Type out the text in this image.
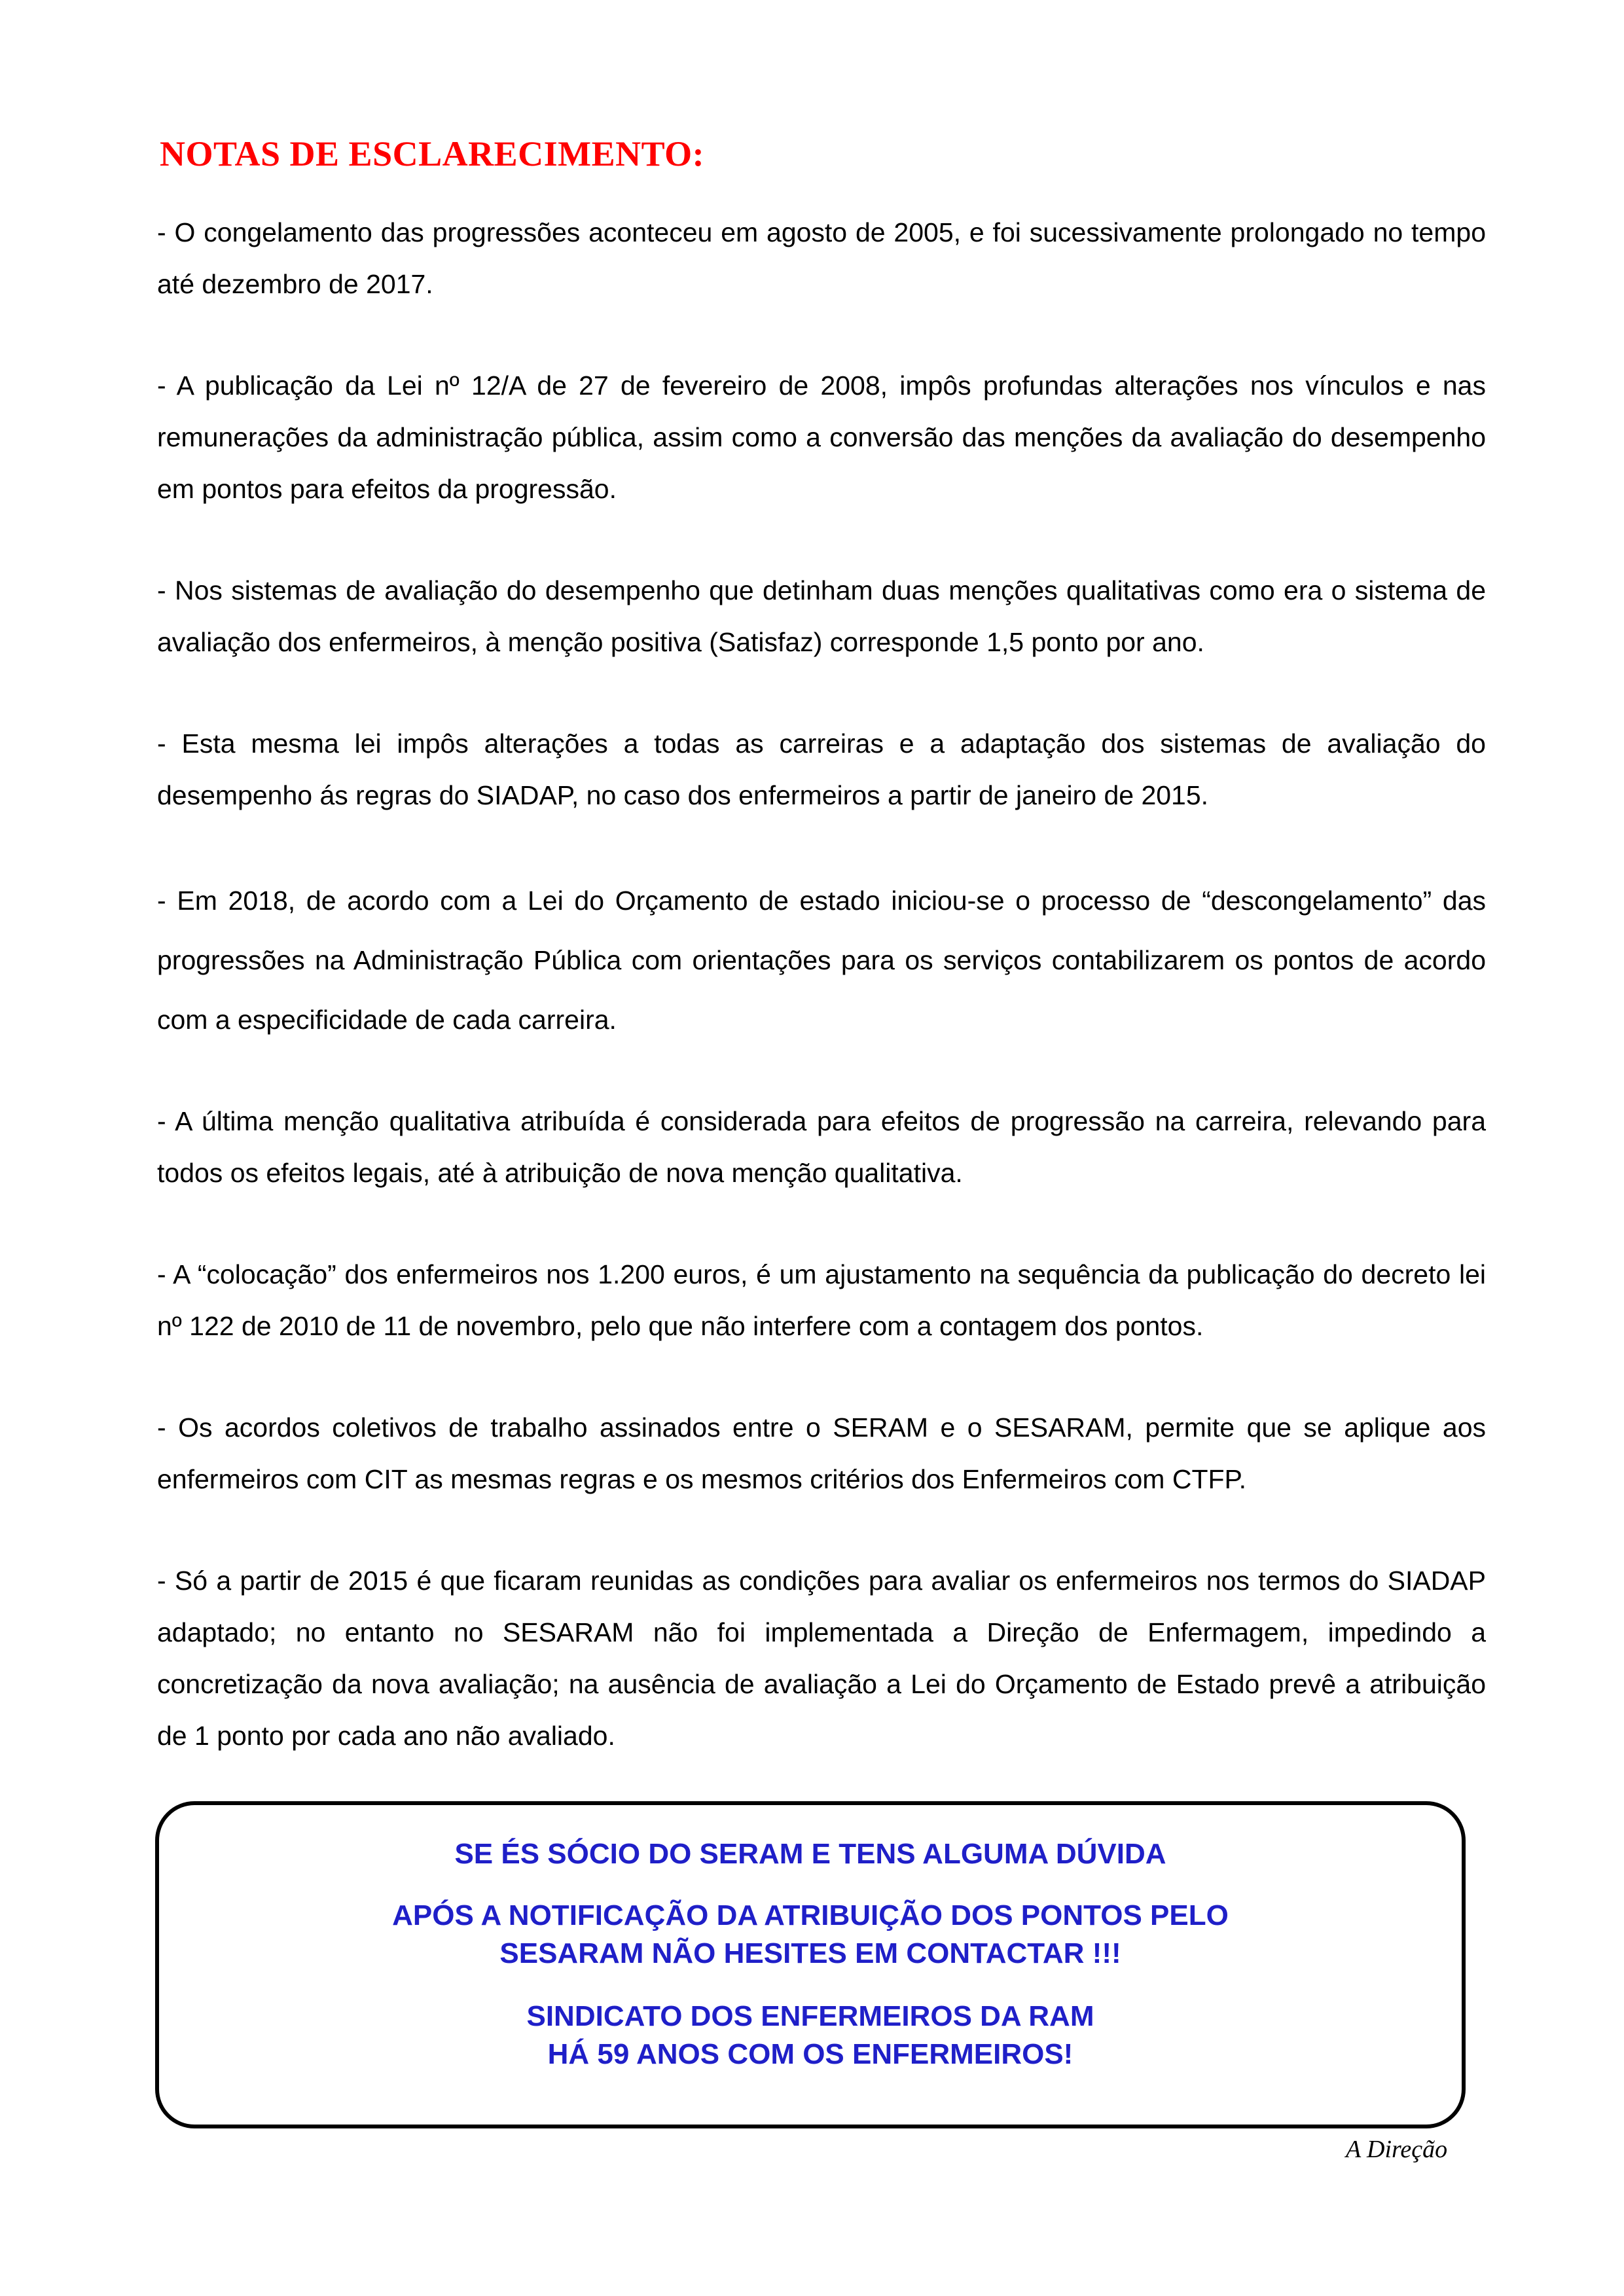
NOTAS DE ESCLARECIMENTO:

- O congelamento das progressões aconteceu em agosto de 2005, e foi sucessivamente prolongado no tempo até dezembro de 2017.

- A publicação da Lei nº 12/A de 27 de fevereiro de 2008, impôs profundas alterações nos vínculos e nas remunerações da administração pública, assim como a conversão das menções da avaliação do desempenho em pontos para efeitos da progressão.

- Nos sistemas de avaliação do desempenho que detinham duas menções qualitativas como era o sistema de avaliação dos enfermeiros, à menção positiva (Satisfaz) corresponde 1,5 ponto por ano.

- Esta mesma lei impôs alterações a todas as carreiras e a adaptação dos sistemas de avaliação do desempenho ás regras do SIADAP, no caso dos enfermeiros a partir de janeiro de 2015.

- Em 2018, de acordo com a Lei do Orçamento de estado iniciou-se o processo de “descongelamento” das progressões na Administração Pública com orientações para os serviços contabilizarem os pontos de acordo com a especificidade de cada carreira.

- A última menção qualitativa atribuída é considerada para efeitos de progressão na carreira, relevando para todos os efeitos legais, até à atribuição de nova menção qualitativa.

- A “colocação” dos enfermeiros nos 1.200 euros, é um ajustamento na sequência da publicação do decreto lei nº 122 de 2010 de 11 de novembro, pelo que não interfere com a contagem dos pontos.

- Os acordos coletivos de trabalho assinados entre o SERAM e o SESARAM, permite que se aplique aos enfermeiros com CIT as mesmas regras e os mesmos critérios dos Enfermeiros com CTFP.

- Só a partir de 2015 é que ficaram reunidas as condições para avaliar os enfermeiros nos termos do SIADAP adaptado; no entanto no SESARAM não foi implementada a Direção de Enfermagem, impedindo a concretização da nova avaliação; na ausência de avaliação a Lei do Orçamento de Estado prevê a atribuição de 1 ponto por cada ano não avaliado.

SE ÉS SÓCIO DO SERAM E TENS ALGUMA DÚVIDA

APÓS A NOTIFICAÇÃO DA ATRIBUIÇÃO DOS PONTOS PELO

SESARAM NÃO HESITES EM CONTACTAR !!!

SINDICATO DOS ENFERMEIROS DA RAM

HÁ 59 ANOS COM OS ENFERMEIROS!

A Direção
